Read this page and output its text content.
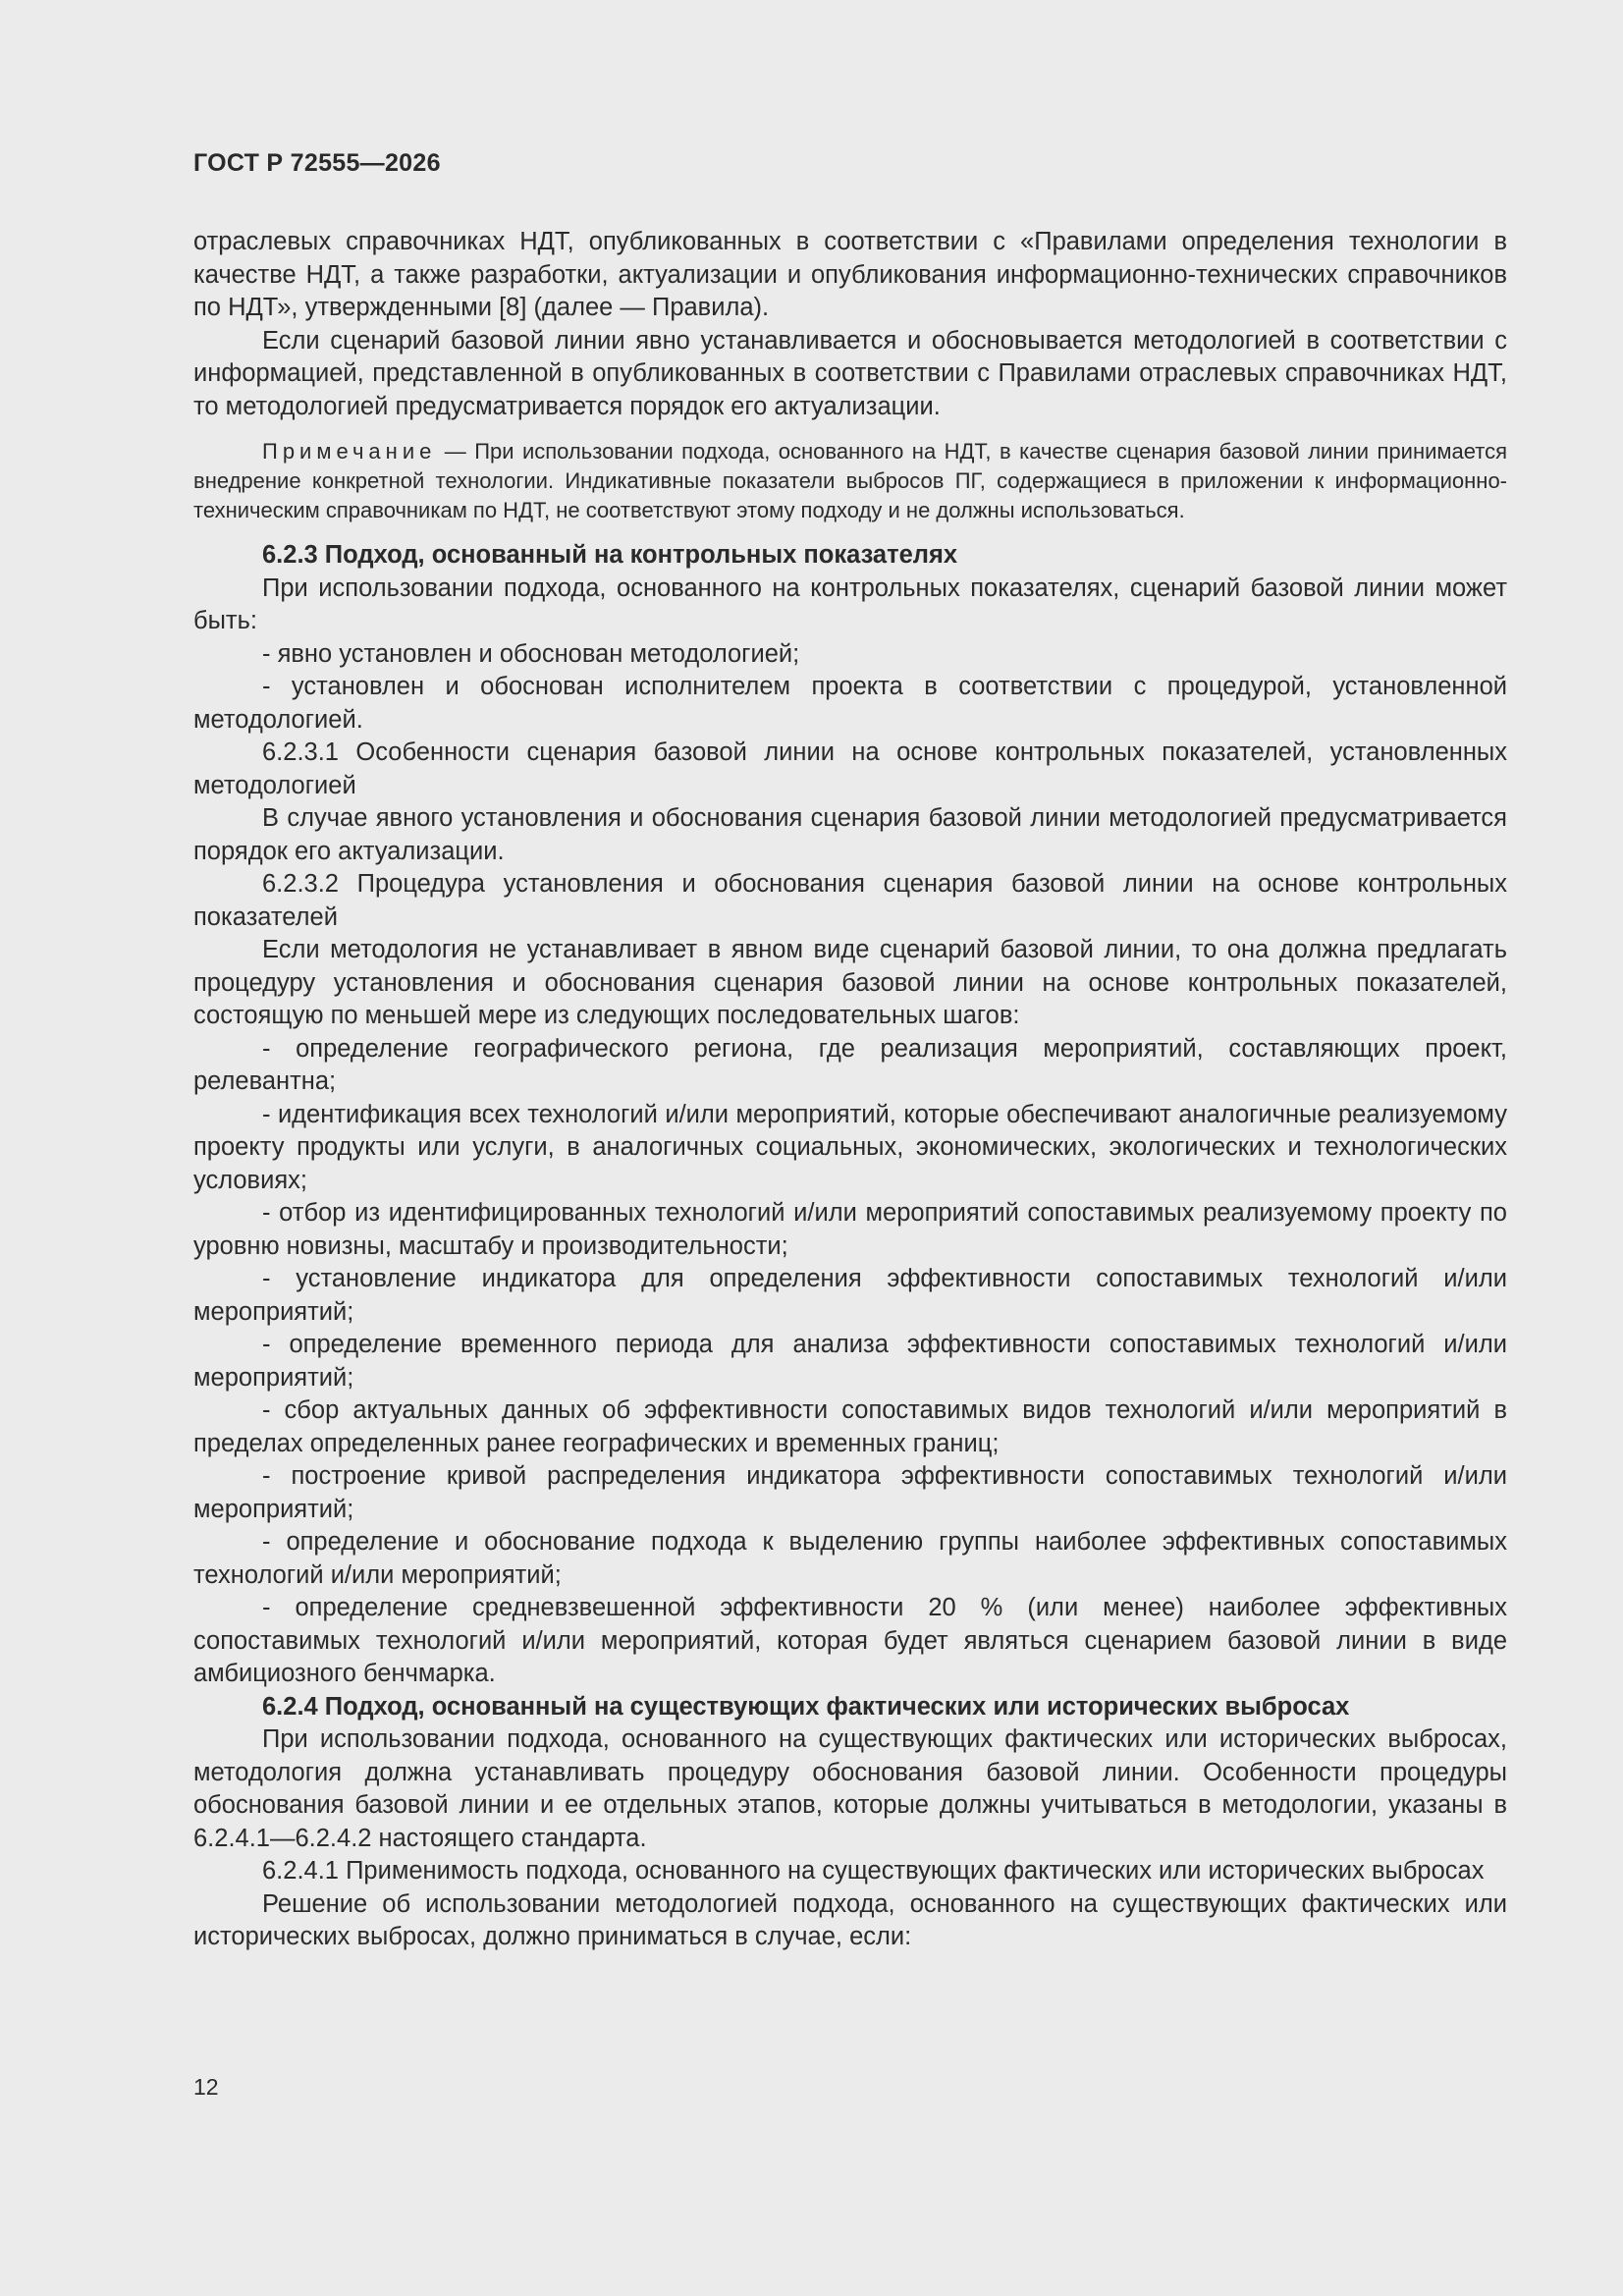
ГОСТ Р 72555—2026

отраслевых справочниках НДТ, опубликованных в соответствии с «Правилами определения технологии в качестве НДТ, а также разработки, актуализации и опубликования информационно-технических справочников по НДТ», утвержденными [8] (далее — Правила).

Если сценарий базовой линии явно устанавливается и обосновывается методологией в соответствии с информацией, представленной в опубликованных в соответствии с Правилами отраслевых справочниках НДТ, то методологией предусматривается порядок его актуализации.

Примечание — При использовании подхода, основанного на НДТ, в качестве сценария базовой линии принимается внедрение конкретной технологии. Индикативные показатели выбросов ПГ, содержащиеся в приложении к информационно-техническим справочникам по НДТ, не соответствуют этому подходу и не должны использоваться.

6.2.3 Подход, основанный на контрольных показателях

При использовании подхода, основанного на контрольных показателях, сценарий базовой линии может быть:

- явно установлен и обоснован методологией;

- установлен и обоснован исполнителем проекта в соответствии с процедурой, установленной методологией.

6.2.3.1 Особенности сценария базовой линии на основе контрольных показателей, установленных методологией

В случае явного установления и обоснования сценария базовой линии методологией предусматривается порядок его актуализации.

6.2.3.2 Процедура установления и обоснования сценария базовой линии на основе контрольных показателей

Если методология не устанавливает в явном виде сценарий базовой линии, то она должна предлагать процедуру установления и обоснования сценария базовой линии на основе контрольных показателей, состоящую по меньшей мере из следующих последовательных шагов:

- определение географического региона, где реализация мероприятий, составляющих проект, релевантна;

- идентификация всех технологий и/или мероприятий, которые обеспечивают аналогичные реализуемому проекту продукты или услуги, в аналогичных социальных, экономических, экологических и технологических условиях;

- отбор из идентифицированных технологий и/или мероприятий сопоставимых реализуемому проекту по уровню новизны, масштабу и производительности;

- установление индикатора для определения эффективности сопоставимых технологий и/или мероприятий;

- определение временного периода для анализа эффективности сопоставимых технологий и/или мероприятий;

- сбор актуальных данных об эффективности сопоставимых видов технологий и/или мероприятий в пределах определенных ранее географических и временных границ;

- построение кривой распределения индикатора эффективности сопоставимых технологий и/или мероприятий;

- определение и обоснование подхода к выделению группы наиболее эффективных сопоставимых технологий и/или мероприятий;

- определение средневзвешенной эффективности 20 % (или менее) наиболее эффективных сопоставимых технологий и/или мероприятий, которая будет являться сценарием базовой линии в виде амбициозного бенчмарка.

6.2.4 Подход, основанный на существующих фактических или исторических выбросах

При использовании подхода, основанного на существующих фактических или исторических выбросах, методология должна устанавливать процедуру обоснования базовой линии. Особенности процедуры обоснования базовой линии и ее отдельных этапов, которые должны учитываться в методологии, указаны в 6.2.4.1—6.2.4.2 настоящего стандарта.

6.2.4.1 Применимость подхода, основанного на существующих фактических или исторических выбросах

Решение об использовании методологией подхода, основанного на существующих фактических или исторических выбросах, должно приниматься в случае, если:

12
